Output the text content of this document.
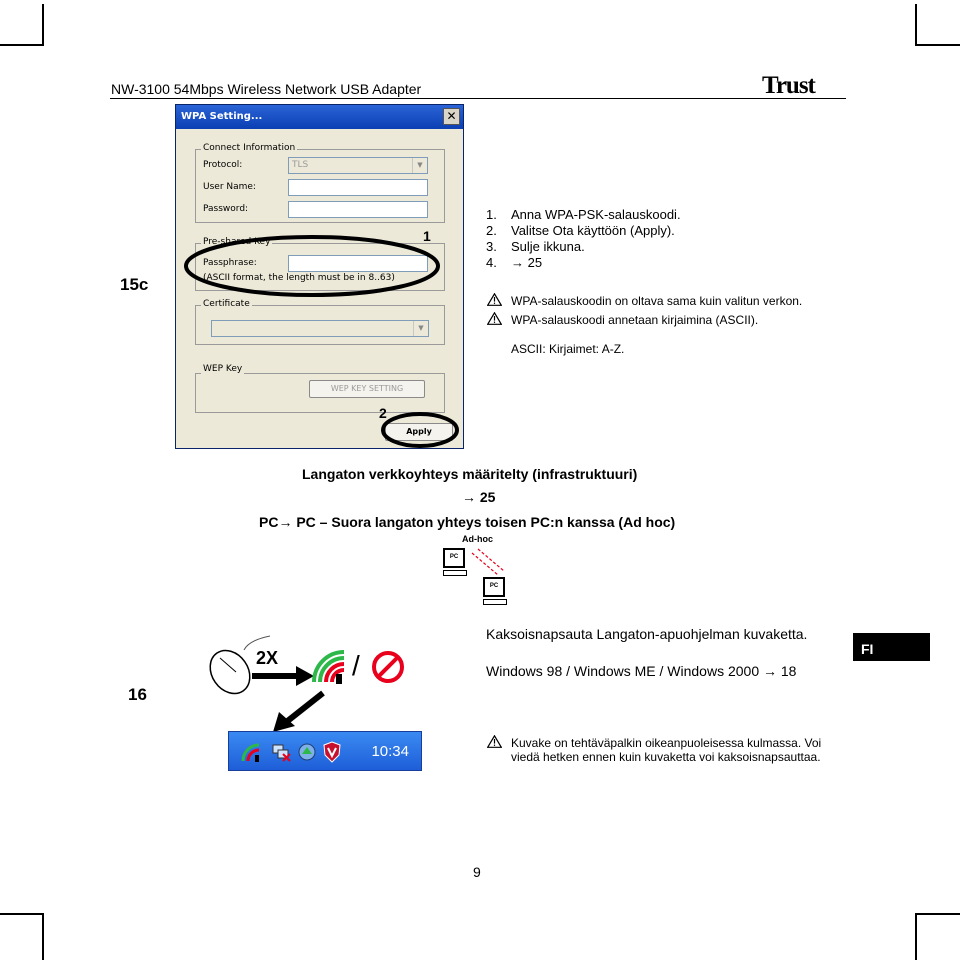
NW-3100 54Mbps Wireless Network USB Adapter	Trust
15c
WPA Setting...	✕
Connect Information
Protocol:	TLS	▼
User Name:
Password:
Pre-shared Key
Passphrase:
(ASCII format, the length must be in 8..63)
Certificate
▼
WEP Key
WEP KEY SETTING
Apply
1
2
1. Anna WPA-PSK-salauskoodi.
2. Valitse Ota käyttöön (Apply).
3. Sulje ikkuna.
4. → 25
WPA-salauskoodin on oltava sama kuin valitun verkon.
WPA-salauskoodi annetaan kirjaimina (ASCII).
ASCII: Kirjaimet: A-Z.
Langaton verkkoyhteys määritelty (infrastruktuuri)
→ 25
PC→ PC – Suora langaton yhteys toisen PC:n kanssa (Ad hoc)
Ad-hoc
PC
PC
16
2X	/
10:34
Kaksoisnapsauta Langaton-apuohjelman kuvaketta.
Windows 98 / Windows ME / Windows 2000 → 18
Kuvake on tehtäväpalkin oikeanpuoleisessa kulmassa. Voi viedä hetken ennen kuin kuvaketta voi kaksoisnapsauttaa.
FI
9
